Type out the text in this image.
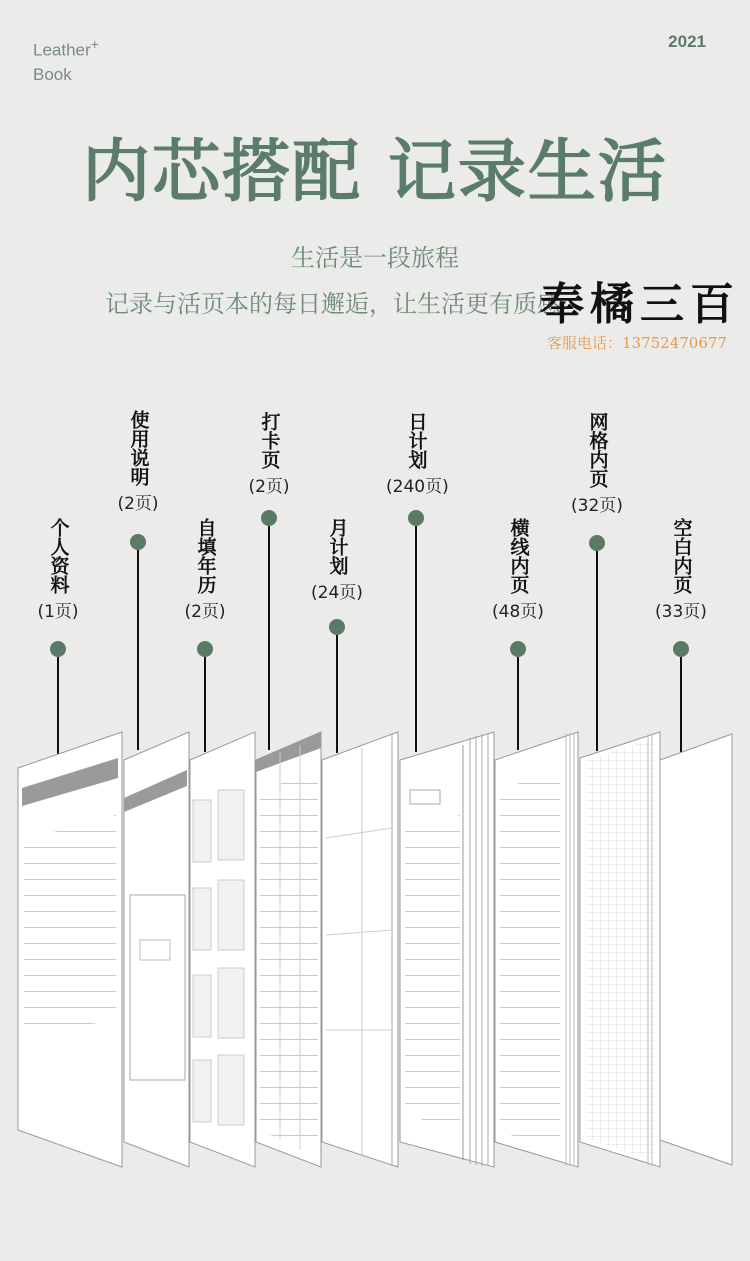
Leather+
Book
2021
内芯搭配 记录生活
生活是一段旅程
记录与活页本的每日邂逅，让生活更有质感
奉橘三百
客服电话：13752470677
个人资料
(1页)
使用说明
(2页)
自填年历
(2页)
打卡页
(2页)
月计划
(24页)
日计划
(240页)
横线内页
(48页)
网格内页
(32页)
空白内页
(33页)
